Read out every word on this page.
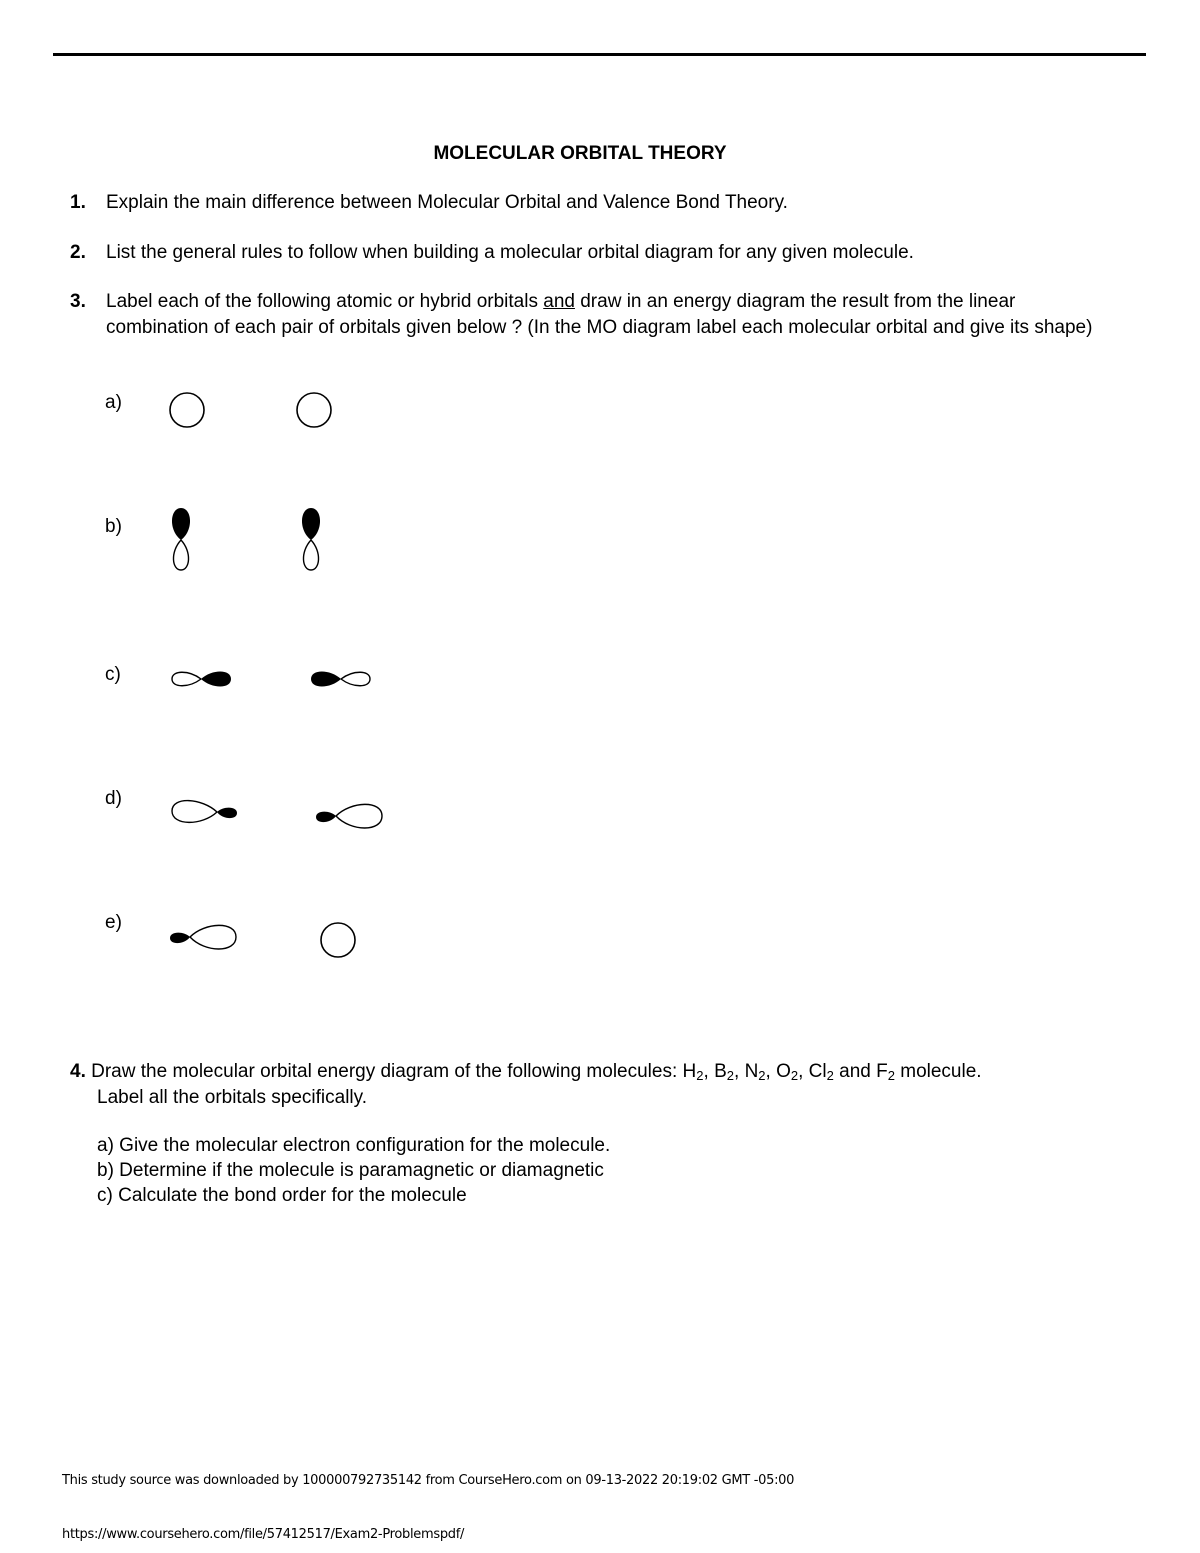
MOLECULAR ORBITAL THEORY
1. Explain the main difference between Molecular Orbital and Valence Bond Theory.
2. List the general rules to follow when building a molecular orbital diagram for any given molecule.
3. Label each of the following atomic or hybrid orbitals and draw in an energy diagram the result from the linear combination of each pair of orbitals given below ? (In the MO diagram label each molecular orbital and give its shape)
a)
b)
c)
d)
e)
4. Draw the molecular orbital energy diagram of the following molecules: $H_2$, $B_2$, $N_2$, $O_2$, $Cl_2$ and $F_2$ molecule.
Label all the orbitals specifically.
a) Give the molecular electron configuration for the molecule.
b) Determine if the molecule is paramagnetic or diamagnetic
c) Calculate the bond order for the molecule
This study source was downloaded by 100000792735142 from CourseHero.com on 09-13-2022 20:19:02 GMT -05:00
https://www.coursehero.com/file/57412517/Exam2-Problemspdf/
